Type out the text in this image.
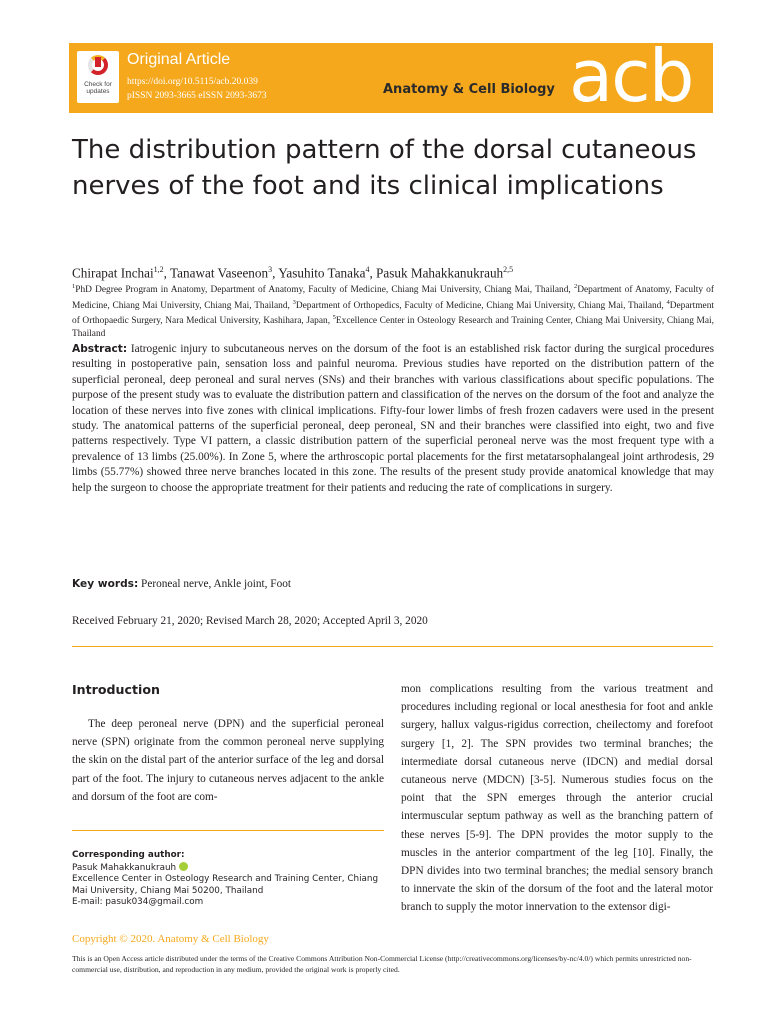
Check for updates
Original Article
https://doi.org/10.5115/acb.20.039
pISSN 2093-3665 eISSN 2093-3673	Anatomy & Cell Biology acb
The distribution pattern of the dorsal cutaneous nerves of the foot and its clinical implications
Chirapat Inchai$^{1,2}$, Tanawat Vaseenon$^3$, Yasuhito Tanaka$^4$, Pasuk Mahakkanukrauh$^{2,5}$
$^1$PhD Degree Program in Anatomy, Department of Anatomy, Faculty of Medicine, Chiang Mai University, Chiang Mai, Thailand, $^2$Department of Anatomy, Faculty of Medicine, Chiang Mai University, Chiang Mai, Thailand, $^3$Department of Orthopedics, Faculty of Medicine, Chiang Mai University, Chiang Mai, Thailand, $^4$Department of Orthopaedic Surgery, Nara Medical University, Kashihara, Japan, $^5$Excellence Center in Osteology Research and Training Center, Chiang Mai University, Chiang Mai, Thailand
Abstract: Iatrogenic injury to subcutaneous nerves on the dorsum of the foot is an established risk factor during the surgical procedures resulting in postoperative pain, sensation loss and painful neuroma. Previous studies have reported on the distribution pattern of the superficial peroneal, deep peroneal and sural nerves (SNs) and their branches with various classifications about specific populations. The purpose of the present study was to evaluate the distribution pattern and classification of the nerves on the dorsum of the foot and analyze the location of these nerves into five zones with clinical implications. Fifty-four lower limbs of fresh frozen cadavers were used in the present study. The anatomical patterns of the superficial peroneal, deep peroneal, SN and their branches were classified into eight, two and five patterns respectively. Type VI pattern, a classic distribution pattern of the superficial peroneal nerve was the most frequent type with a prevalence of 13 limbs (25.00%). In Zone 5, where the arthroscopic portal placements for the first metatarsophalangeal joint arthrodesis, 29 limbs (55.77%) showed three nerve branches located in this zone. The results of the present study provide anatomical knowledge that may help the surgeon to choose the appropriate treatment for their patients and reducing the rate of complications in surgery.
Key words: Peroneal nerve, Ankle joint, Foot
Received February 21, 2020; Revised March 28, 2020; Accepted April 3, 2020
Introduction

The deep peroneal nerve (DPN) and the superficial peroneal nerve (SPN) originate from the common peroneal nerve supplying the skin on the distal part of the anterior surface of the leg and dorsal part of the foot. The injury to cutaneous nerves adjacent to the ankle and dorsum of the foot are com-

mon complications resulting from the various treatment and procedures including regional or local anesthesia for foot and ankle surgery, hallux valgus-rigidus correction, cheilectomy and forefoot surgery [1, 2]. The SPN provides two terminal branches; the intermediate dorsal cutaneous nerve (IDCN) and medial dorsal cutaneous nerve (MDCN) [3-5]. Numerous studies focus on the point that the SPN emerges through the anterior crucial intermuscular septum pathway as well as the branching pattern of these nerves [5-9]. The DPN provides the motor supply to the muscles in the anterior compartment of the leg [10]. Finally, the DPN divides into two terminal branches; the medial sensory branch to innervate the skin of the dorsum of the foot and the lateral motor branch to supply the motor innervation to the extensor digi-

Corresponding author:
Pasuk Mahakkanukrauh
Excellence Center in Osteology Research and Training Center, Chiang Mai University, Chiang Mai 50200, Thailand
E-mail: pasuk034@gmail.com
Copyright © 2020. Anatomy & Cell Biology
This is an Open Access article distributed under the terms of the Creative Commons Attribution Non-Commercial License (http://creativecommons.org/licenses/by-nc/4.0/) which permits unrestricted non-commercial use, distribution, and reproduction in any medium, provided the original work is properly cited.
